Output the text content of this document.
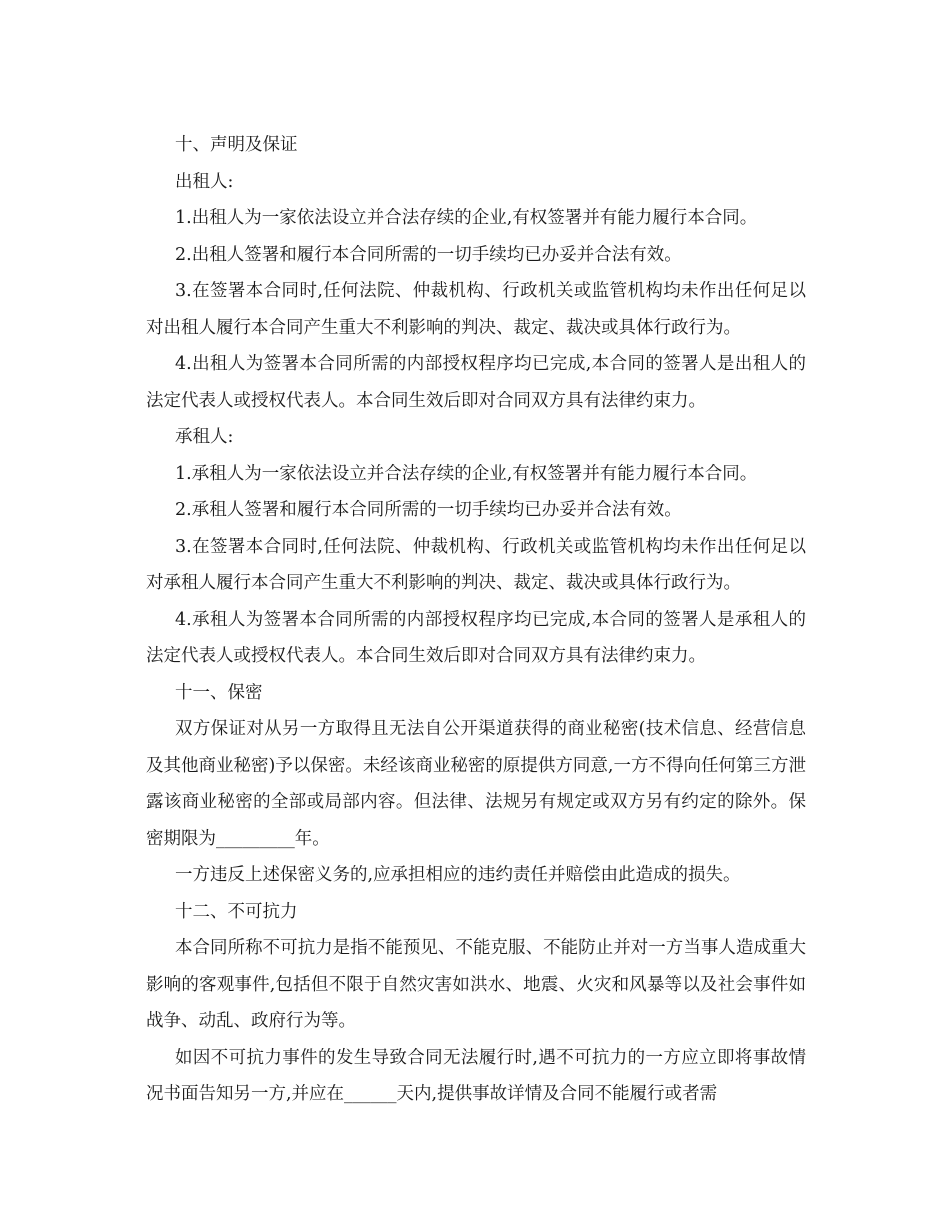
十、声明及保证

出租人:

1.出租人为一家依法设立并合法存续的企业,有权签署并有能力履行本合同。

2.出租人签署和履行本合同所需的一切手续均已办妥并合法有效。

3.在签署本合同时,任何法院、仲裁机构、行政机关或监管机构均未作出任何足以对出租人履行本合同产生重大不利影响的判决、裁定、裁决或具体行政行为。

4.出租人为签署本合同所需的内部授权程序均已完成,本合同的签署人是出租人的法定代表人或授权代表人。本合同生效后即对合同双方具有法律约束力。

承租人:

1.承租人为一家依法设立并合法存续的企业,有权签署并有能力履行本合同。

2.承租人签署和履行本合同所需的一切手续均已办妥并合法有效。

3.在签署本合同时,任何法院、仲裁机构、行政机关或监管机构均未作出任何足以对承租人履行本合同产生重大不利影响的判决、裁定、裁决或具体行政行为。

4.承租人为签署本合同所需的内部授权程序均已完成,本合同的签署人是承租人的法定代表人或授权代表人。本合同生效后即对合同双方具有法律约束力。

十一、保密

双方保证对从另一方取得且无法自公开渠道获得的商业秘密(技术信息、经营信息及其他商业秘密)予以保密。未经该商业秘密的原提供方同意,一方不得向任何第三方泄露该商业秘密的全部或局部内容。但法律、法规另有规定或双方另有约定的除外。保密期限为_________年。

一方违反上述保密义务的,应承担相应的违约责任并赔偿由此造成的损失。

十二、不可抗力

本合同所称不可抗力是指不能预见、不能克服、不能防止并对一方当事人造成重大影响的客观事件,包括但不限于自然灾害如洪水、地震、火灾和风暴等以及社会事件如战争、动乱、政府行为等。

如因不可抗力事件的发生导致合同无法履行时,遇不可抗力的一方应立即将事故情况书面告知另一方,并应在______天内,提供事故详情及合同不能履行或者需
